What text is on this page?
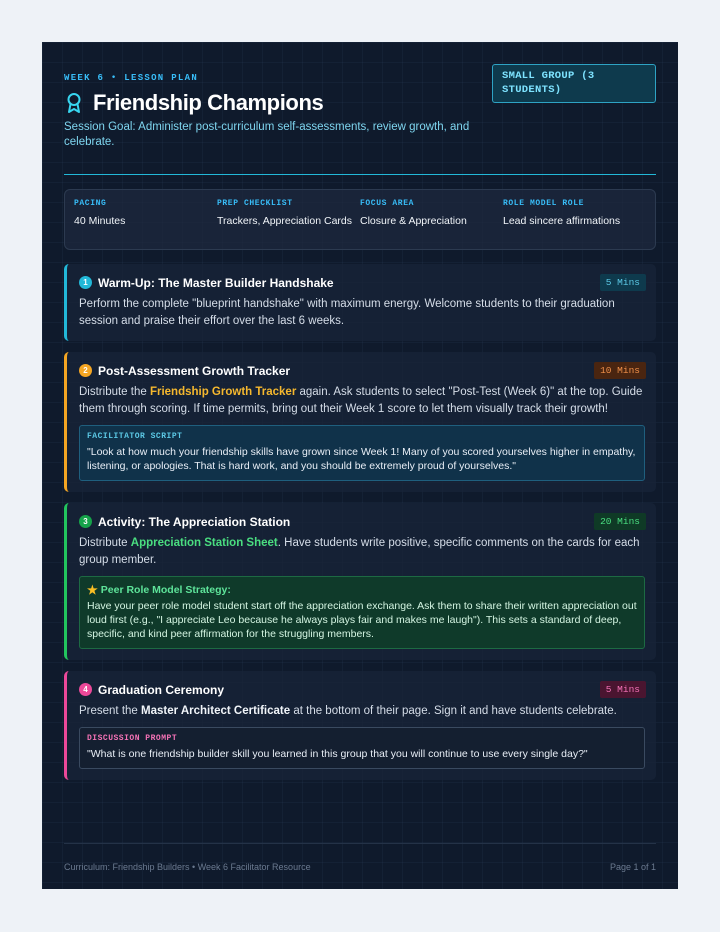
WEEK 6 • LESSON PLAN
Friendship Champions
Session Goal: Administer post-curriculum self-assessments, review growth, and celebrate.
SMALL GROUP (3 STUDENTS)
PACING
40 Minutes
PREP CHECKLIST
Trackers, Appreciation Cards
FOCUS AREA
Closure & Appreciation
ROLE MODEL ROLE
Lead sincere affirmations
1 Warm-Up: The Master Builder Handshake	5 Mins
Perform the complete "blueprint handshake" with maximum energy. Welcome students to their graduation session and praise their effort over the last 6 weeks.
2 Post-Assessment Growth Tracker	10 Mins
Distribute the Friendship Growth Tracker again. Ask students to select "Post-Test (Week 6)" at the top. Guide them through scoring. If time permits, bring out their Week 1 score to let them visually track their growth!
FACILITATOR SCRIPT
"Look at how much your friendship skills have grown since Week 1! Many of you scored yourselves higher in empathy, listening, or apologies. That is hard work, and you should be extremely proud of yourselves."
3 Activity: The Appreciation Station	20 Mins
Distribute Appreciation Station Sheet. Have students write positive, specific comments on the cards for each group member.
★ Peer Role Model Strategy:
Have your peer role model student start off the appreciation exchange. Ask them to share their written appreciation out loud first (e.g., "I appreciate Leo because he always plays fair and makes me laugh"). This sets a standard of deep, specific, and kind peer affirmation for the struggling members.
4 Graduation Ceremony	5 Mins
Present the Master Architect Certificate at the bottom of their page. Sign it and have students celebrate.
DISCUSSION PROMPT
"What is one friendship builder skill you learned in this group that you will continue to use every single day?"
Curriculum: Friendship Builders • Week 6 Facilitator Resource	Page 1 of 1
